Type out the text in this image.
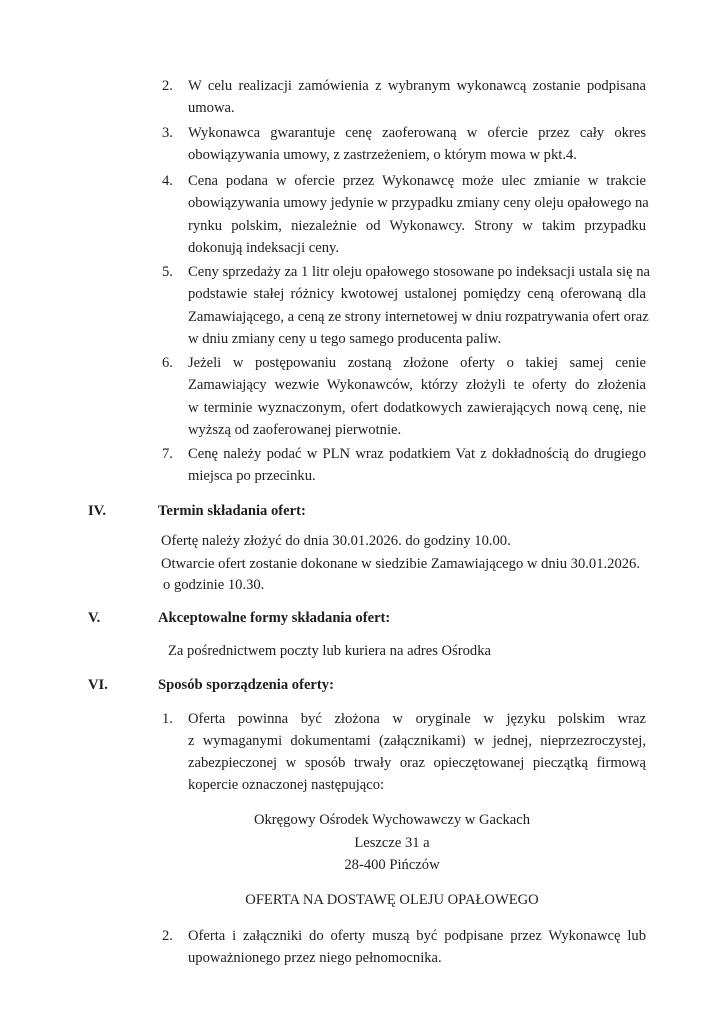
2. W celu realizacji zamówienia z wybranym wykonawcą zostanie podpisana
umowa.
3. Wykonawca gwarantuje cenę zaoferowaną w ofercie przez cały okres
obowiązywania umowy, z zastrzeżeniem, o którym mowa w pkt.4.
4. Cena podana w ofercie przez Wykonawcę może ulec zmianie w trakcie
obowiązywania umowy jedynie w przypadku zmiany ceny oleju opałowego na
rynku polskim, niezależnie od Wykonawcy. Strony w takim przypadku
dokonują indeksacji ceny.
5. Ceny sprzedaży za 1 litr oleju opałowego stosowane po indeksacji ustala się na
podstawie stałej różnicy kwotowej ustalonej pomiędzy ceną oferowaną dla
Zamawiającego, a ceną ze strony internetowej w dniu rozpatrywania ofert oraz
w dniu zmiany ceny u tego samego producenta paliw.
6. Jeżeli w postępowaniu zostaną złożone oferty o takiej samej cenie
Zamawiający wezwie Wykonawców, którzy złożyli te oferty do złożenia
w terminie wyznaczonym, ofert dodatkowych zawierających nową cenę, nie
wyższą od zaoferowanej pierwotnie.
7. Cenę należy podać w PLN wraz podatkiem Vat z dokładnością do drugiego
miejsca po przecinku.
IV.	Termin składania ofert:
Ofertę należy złożyć do dnia 30.01.2026. do godziny 10.00.
Otwarcie ofert zostanie dokonane w siedzibie Zamawiającego w dniu 30.01.2026.
o godzinie 10.30.
V.	Akceptowalne formy składania ofert:
Za pośrednictwem poczty lub kuriera na adres Ośrodka
VI.	Sposób sporządzenia oferty:
1. Oferta powinna być złożona w oryginale w języku polskim wraz
z wymaganymi dokumentami (załącznikami) w jednej, nieprzezroczystej,
zabezpieczonej w sposób trwały oraz opieczętowanej pieczątką firmową
kopercie oznaczonej następująco:
Okręgowy Ośrodek Wychowawczy w Gackach
Leszcze 31 a
28-400 Pińczów
OFERTA NA DOSTAWĘ OLEJU OPAŁOWEGO
2. Oferta i załączniki do oferty muszą być podpisane przez Wykonawcę lub
upoważnionego przez niego pełnomocnika.
